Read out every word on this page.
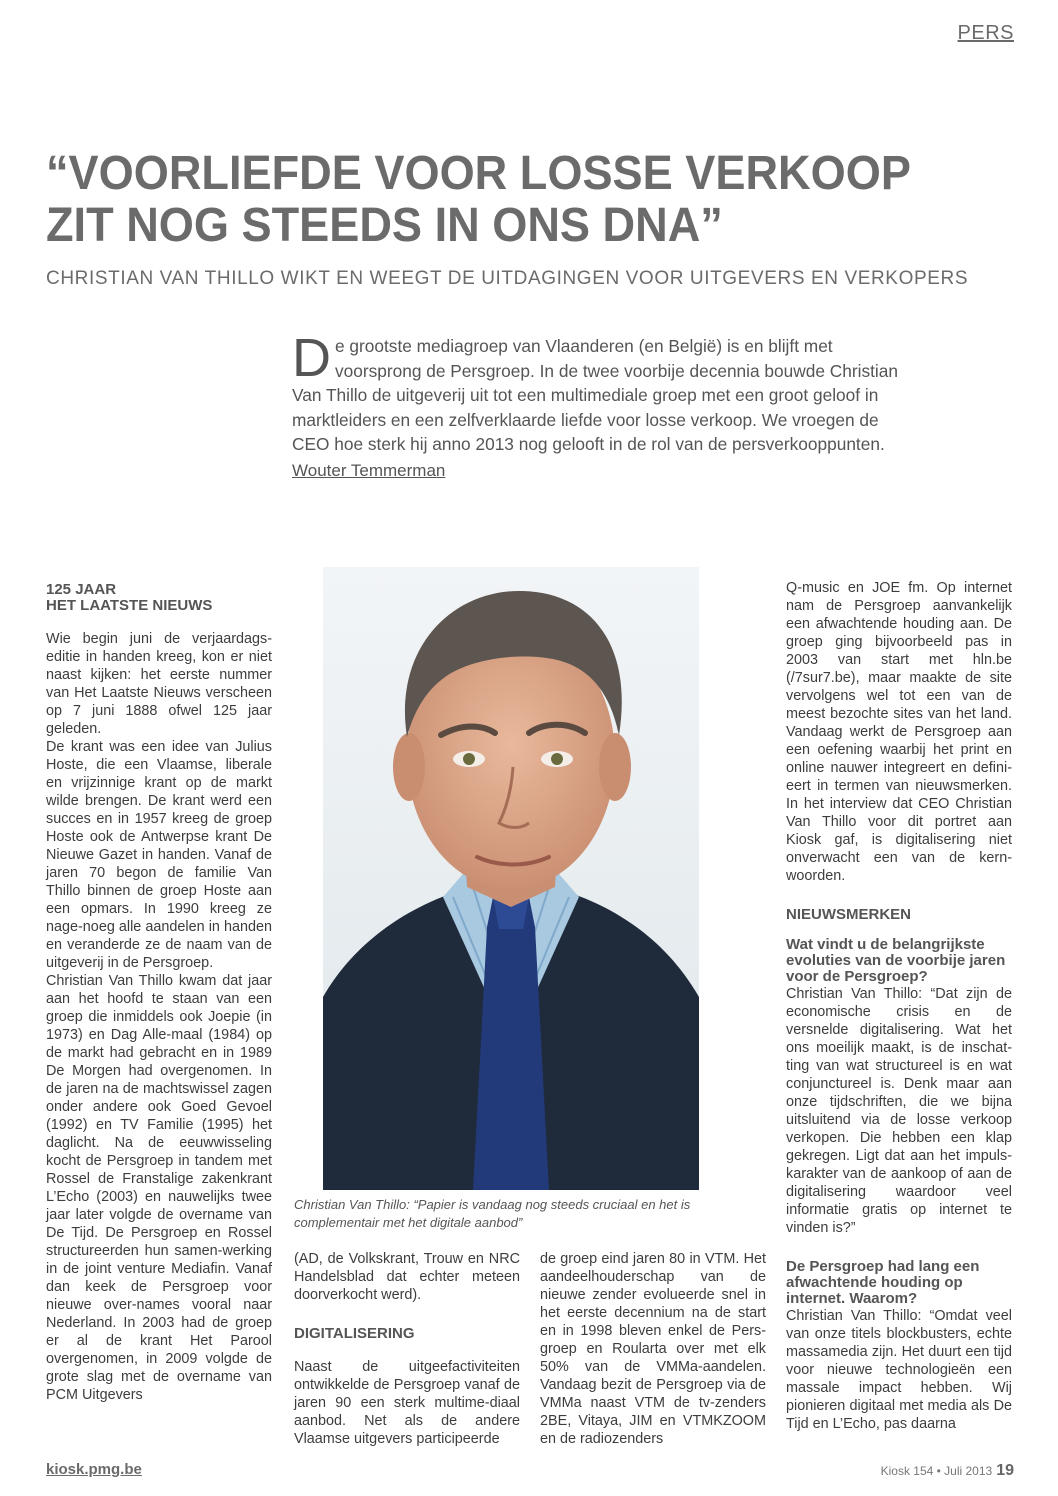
PERS
“VOORLIEFDE VOOR LOSSE VERKOOP
ZIT NOG STEEDS IN ONS DNA”
CHRISTIAN VAN THILLO WIKT EN WEEGT DE UITDAGINGEN VOOR UITGEVERS EN VERKOPERS
D e grootste mediagroep van Vlaanderen (en België) is en blijft met voorsprong de Persgroep. In de twee voorbije decennia bouwde Christian Van Thillo de uitgeverij uit tot een multimediale groep met een groot geloof in marktleiders en een zelfverklaarde liefde voor losse verkoop. We vroegen de CEO hoe sterk hij anno 2013 nog gelooft in de rol van de persverkooppunten.
Wouter Temmerman
125 JAAR
HET LAATSTE NIEUWS

Wie begin juni de verjaardags-editie in handen kreeg, kon er niet naast kijken: het eerste nummer van Het Laatste Nieuws verscheen op 7 juni 1888 ofwel 125 jaar geleden.

De krant was een idee van Julius Hoste, die een Vlaamse, liberale en vrijzinnige krant op de markt wilde brengen. De krant werd een succes en in 1957 kreeg de groep Hoste ook de Antwerpse krant De Nieuwe Gazet in handen. Vanaf de jaren 70 begon de familie Van Thillo binnen de groep Hoste aan een opmars. In 1990 kreeg ze nage-noeg alle aandelen in handen en veranderde ze de naam van de uitgeverij in de Persgroep.

Christian Van Thillo kwam dat jaar aan het hoofd te staan van een groep die inmiddels ook Joepie (in 1973) en Dag Alle-maal (1984) op de markt had gebracht en in 1989 De Morgen had overgenomen. In de jaren na de machtswissel zagen onder andere ook Goed Gevoel (1992) en TV Familie (1995) het daglicht. Na de eeuwwisseling kocht de Persgroep in tandem met Rossel de Franstalige zakenkrant L’Echo (2003) en nauwelijks twee jaar later volgde de overname van De Tijd. De Persgroep en Rossel structureerden hun samen-werking in de joint venture Mediafin. Vanaf dan keek de Persgroep voor nieuwe over-names vooral naar Nederland. In 2003 had de groep er al de krant Het Parool overgenomen, in 2009 volgde de grote slag met de overname van PCM Uitgevers

Christian Van Thillo: “Papier is vandaag nog steeds cruciaal en het is complementair met het digitale aanbod”

(AD, de Volkskrant, Trouw en NRC Handelsblad dat echter meteen doorverkocht werd).

DIGITALISERING

Naast de uitgeefactiviteiten ontwikkelde de Persgroep vanaf de jaren 90 een sterk multime-diaal aanbod. Net als de andere Vlaamse uitgevers participeerde

de groep eind jaren 80 in VTM. Het aandeelhouderschap van de nieuwe zender evolueerde snel in het eerste decennium na de start en in 1998 bleven enkel de Pers-groep en Roularta over met elk 50% van de VMMa-aandelen. Vandaag bezit de Persgroep via de VMMa naast VTM de tv-zenders 2BE, Vitaya, JIM en VTMKZOOM en de radiozenders

Q-music en JOE fm. Op internet nam de Persgroep aanvankelijk een afwachtende houding aan. De groep ging bijvoorbeeld pas in 2003 van start met hln.be (/7sur7.be), maar maakte de site vervolgens wel tot een van de meest bezochte sites van het land. Vandaag werkt de Persgroep aan een oefening waarbij het print en online nauwer integreert en defini-eert in termen van nieuwsmerken. In het interview dat CEO Christian Van Thillo voor dit portret aan Kiosk gaf, is digitalisering niet onverwacht een van de kern-woorden.

NIEUWSMERKEN
Wat vindt u de belangrijkste evoluties van de voorbije jaren voor de Persgroep?

Christian Van Thillo: “Dat zijn de economische crisis en de versnelde digitalisering. Wat het ons moeilijk maakt, is de inschat-ting van wat structureel is en wat conjunctureel is. Denk maar aan onze tijdschriften, die we bijna uitsluitend via de losse verkoop verkopen. Die hebben een klap gekregen. Ligt dat aan het impuls-karakter van de aankoop of aan de digitalisering waardoor veel informatie gratis op internet te vinden is?”

De Persgroep had lang een afwachtende houding op internet. Waarom?

Christian Van Thillo: “Omdat veel van onze titels blockbusters, echte massamedia zijn. Het duurt een tijd voor nieuwe technologieën een massale impact hebben. Wij pionieren digitaal met media als De Tijd en L’Echo, pas daarna

kiosk.pmg.be	Kiosk 154 • Juli 2013 19
